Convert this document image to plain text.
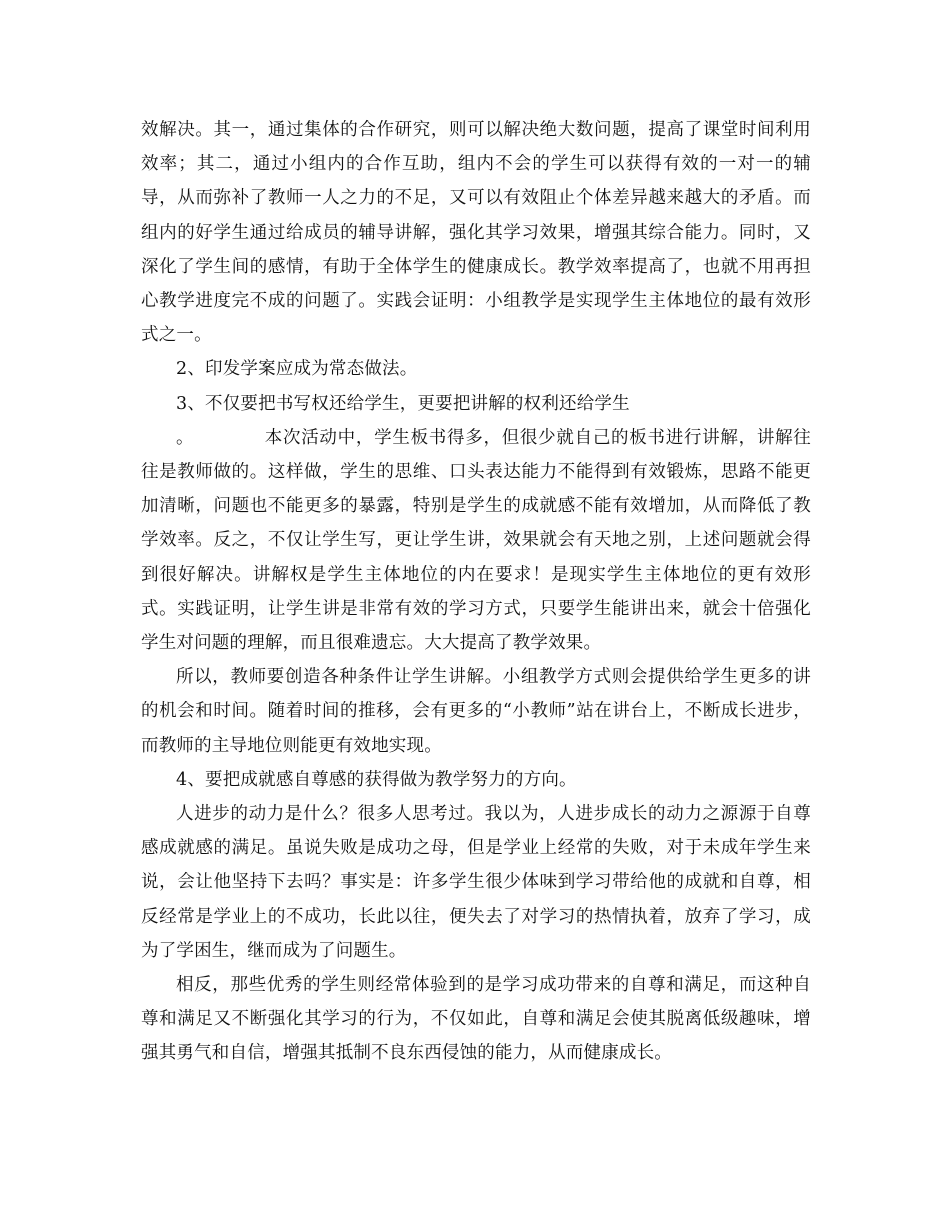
效解决。其一，通过集体的合作研究，则可以解决绝大数问题，提高了课堂时间利用效率；其二，通过小组内的合作互助，组内不会的学生可以获得有效的一对一的辅导，从而弥补了教师一人之力的不足，又可以有效阻止个体差异越来越大的矛盾。而组内的好学生通过给成员的辅导讲解，强化其学习效果，增强其综合能力。同时，又深化了学生间的感情，有助于全体学生的健康成长。教学效率提高了，也就不用再担心教学进度完不成的问题了。实践会证明：小组教学是实现学生主体地位的最有效形式之一。

2、印发学案应成为常态做法。

3、不仅要把书写权还给学生，更要把讲解的权利还给学生

。	本次活动中，学生板书得多，但很少就自己的板书进行讲解，讲解往往是教师做的。这样做，学生的思维、口头表达能力不能得到有效锻炼，思路不能更加清晰，问题也不能更多的暴露，特别是学生的成就感不能有效增加，从而降低了教学效率。反之，不仅让学生写，更让学生讲，效果就会有天地之别，上述问题就会得到很好解决。讲解权是学生主体地位的内在要求！是现实学生主体地位的更有效形式。实践证明，让学生讲是非常有效的学习方式，只要学生能讲出来，就会十倍强化学生对问题的理解，而且很难遗忘。大大提高了教学效果。

所以，教师要创造各种条件让学生讲解。小组教学方式则会提供给学生更多的讲的机会和时间。随着时间的推移，会有更多的“小教师”站在讲台上，不断成长进步，而教师的主导地位则能更有效地实现。

4、要把成就感自尊感的获得做为教学努力的方向。

人进步的动力是什么？很多人思考过。我以为，人进步成长的动力之源源于自尊感成就感的满足。虽说失败是成功之母，但是学业上经常的失败，对于未成年学生来说，会让他坚持下去吗？事实是：许多学生很少体味到学习带给他的成就和自尊，相反经常是学业上的不成功，长此以往，便失去了对学习的热情执着，放弃了学习，成为了学困生，继而成为了问题生。

相反，那些优秀的学生则经常体验到的是学习成功带来的自尊和满足，而这种自尊和满足又不断强化其学习的行为，不仅如此，自尊和满足会使其脱离低级趣味，增强其勇气和自信，增强其抵制不良东西侵蚀的能力，从而健康成长。
